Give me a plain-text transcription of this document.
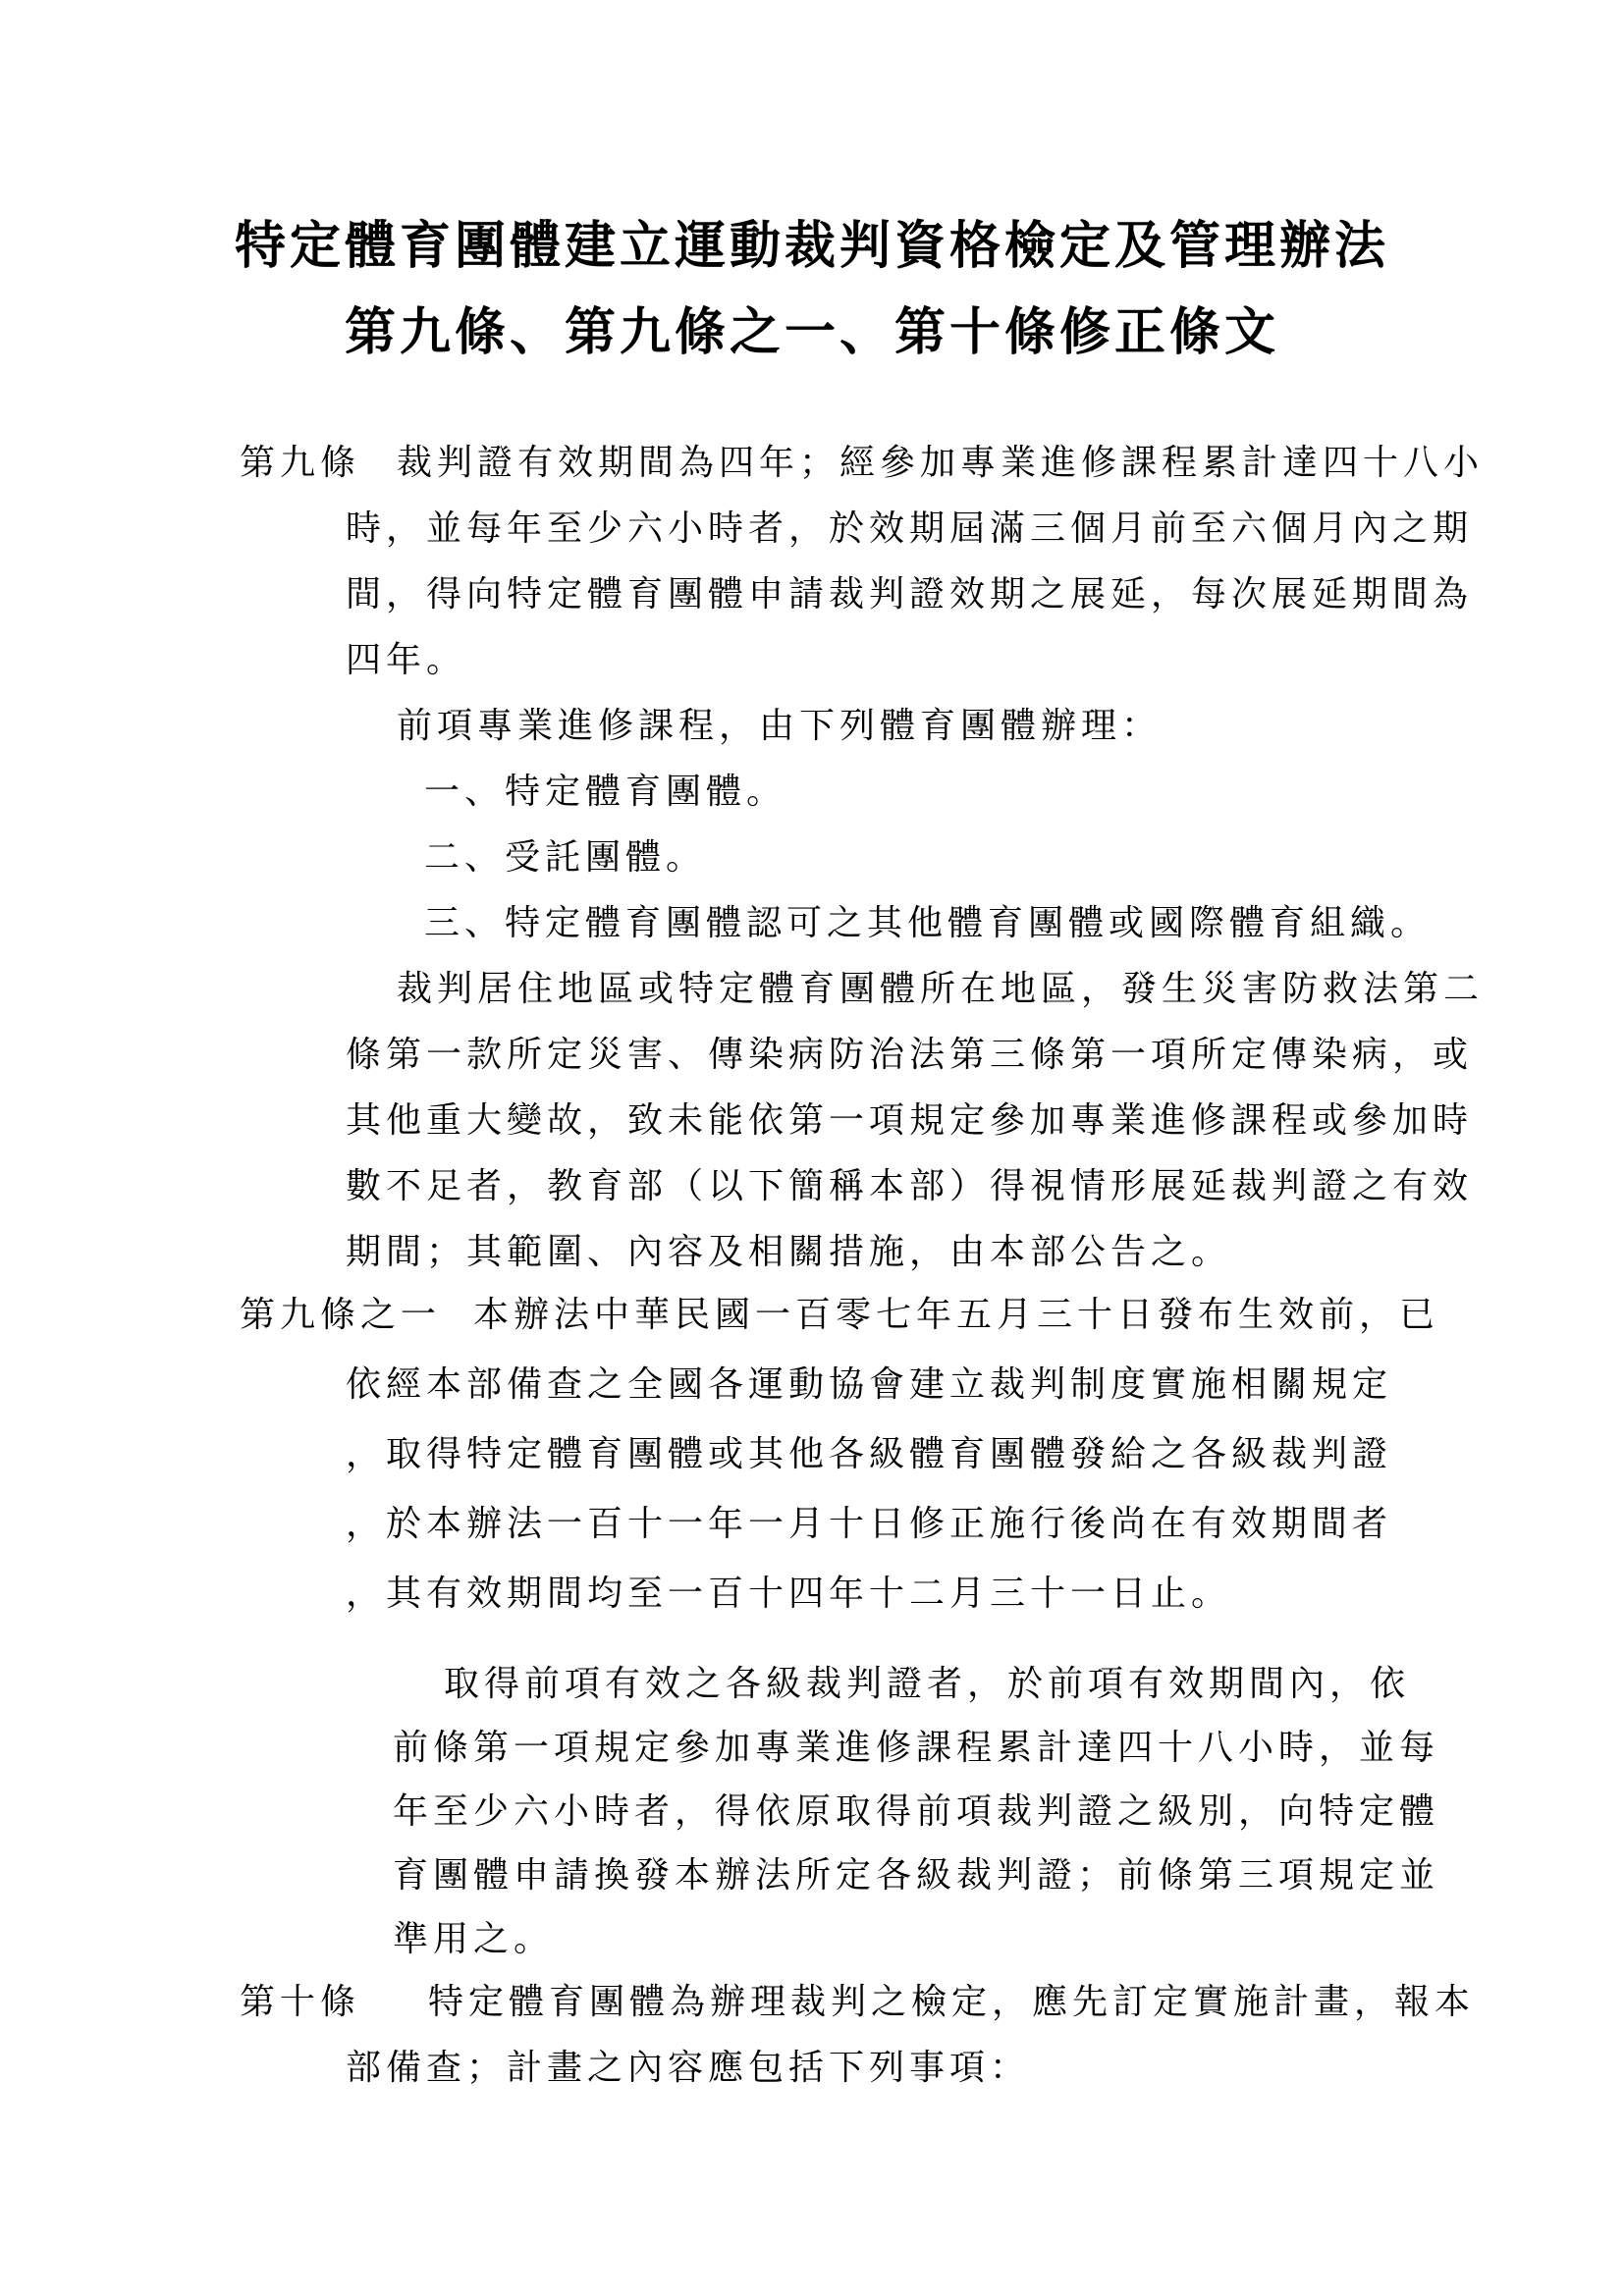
特定體育團體建立運動裁判資格檢定及管理辦法
第九條、第九條之一、第十條修正條文
第九條 裁判證有效期間為四年；經參加專業進修課程累計達四十八小
時，並每年至少六小時者，於效期屆滿三個月前至六個月內之期
間，得向特定體育團體申請裁判證效期之展延，每次展延期間為
四年。
前項專業進修課程，由下列體育團體辦理：
一、特定體育團體。
二、受託團體。
三、特定體育團體認可之其他體育團體或國際體育組織。
裁判居住地區或特定體育團體所在地區，發生災害防救法第二
條第一款所定災害、傳染病防治法第三條第一項所定傳染病，或
其他重大變故，致未能依第一項規定參加專業進修課程或參加時
數不足者，教育部（以下簡稱本部）得視情形展延裁判證之有效
期間；其範圍、內容及相關措施，由本部公告之。
第九條之一 本辦法中華民國一百零七年五月三十日發布生效前，已
依經本部備查之全國各運動協會建立裁判制度實施相關規定
，取得特定體育團體或其他各級體育團體發給之各級裁判證
，於本辦法一百十一年一月十日修正施行後尚在有效期間者
，其有效期間均至一百十四年十二月三十一日止。
取得前項有效之各級裁判證者，於前項有效期間內，依
前條第一項規定參加專業進修課程累計達四十八小時，並每
年至少六小時者，得依原取得前項裁判證之級別，向特定體
育團體申請換發本辦法所定各級裁判證；前條第三項規定並
準用之。
第十條 特定體育團體為辦理裁判之檢定，應先訂定實施計畫，報本
部備查；計畫之內容應包括下列事項：
